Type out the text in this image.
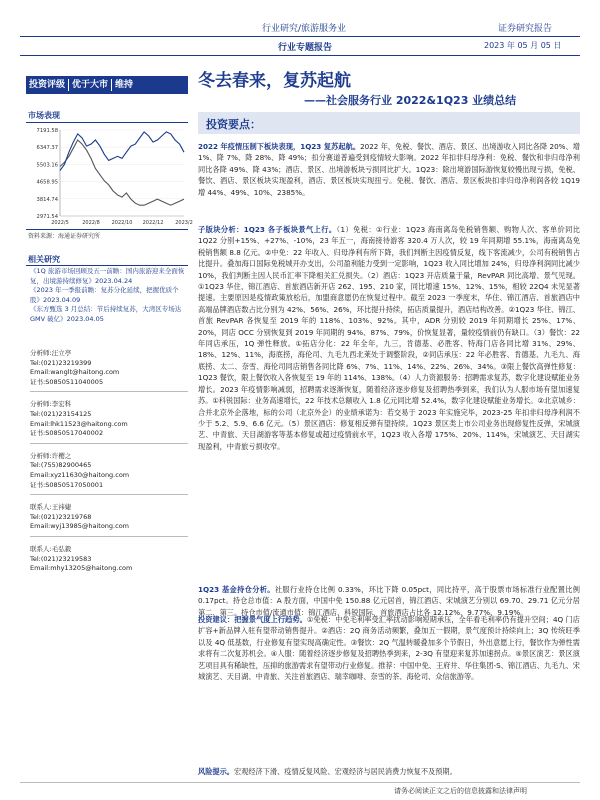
行业研究/旅游服务业
行业专题报告
证券研究报告
2023 年 05 月 05 日
投资评级 优于大市 维持	冬去春来，复苏起航
——社会服务行业 2022&1Q23 业绩总结
市场表现
7191.58
6347.37
5503.16
4658.95
3814.74
2971.54
2022/5	2022/8 2022/10 2022/12 2023/2
资料来源：海通证券研究所
相关研究

《1Q 旅游市场回顾及五一前瞻：国内旅游迎来全面恢复，出境游持续修复》2023.04.24

《2023 年一季报前瞻：复苏分化延续，把握优质个股》2023.04.09

《东方甄选 3 月总结：节后持续复苏，大湾区专场达 GMV 破亿》2023.04.05

分析师:汪立亭
Tel:(021)23219399
Email:wanglt@haitong.com
证书:S0850511040005
分析师:李宏科
Tel:(021)23154125
Email:lhk11523@haitong.com
证书:S0850517040002
分析师:许樱之
Tel:(755)82900465
Email:xyz11630@haitong.com
证书:S0850517050001
联系人:王祎婕
Tel:(021)23219768
Email:wyj13985@haitong.com
联系人:毛弘毅
Tel:(021)23219583
Email:mhy13205@haitong.com
投资要点：

2022 年疫情压制下板块表现，1Q23 复苏起航。2022 年，免税、餐饮、酒店、景区、出境游收入同比各降 20%、增 1%、降 7%、降 28%、降 49%；扣分赛道普遍受到疫情较大影响。2022 年扣非归母净利：免税、餐饮和非归母净利同比各降 49%、降 43%；酒店、景区、出境游板块亏损同比扩大。1Q23：除出境游国际游恢复较慢出现亏损，免税、餐饮、酒店、景区板块实现盈利，酒店、景区板块实现扭亏。免税、餐饮、酒店、景区板块扣非归母净利润各较 1Q19 增 44%、49%、10%、2385%。

子版块分析：1Q23 各子板块景气上行。（1）免税：①行业：1Q23 海南离岛免税销售额、购物人次、客单价同比 1Q22 分别+15%、+27%、-10%，23 年五一，海南接待游客 320.4 万人次，较 19 年同期增 55.1%，海南离岛免税销售额 8.8 亿元。②中免：22 年收入、归母净利有所下降，我们判断主因疫情反复，线下客流减少，公司有税销售占比提升。叠加海口国际免税城开办支出，公司盈利能力受到一定影响，1Q23 收入同比增加 24%，归母净利润同比减少 10%，我们判断主因人民币汇率下降相关汇兑损失。（2）酒店：1Q23 开店质量于量，RevPAR 同比高增、景气见现。①1Q23 华住、锦江酒店、首旅酒店新开店 262、195、210 家，同比增速 15%、12%、15%，相较 22Q4 未见显著提速。主要原因是疫情政策放松后，加盟商意愿仍在恢复过程中。截至 2023 一季度末，华住、锦江酒店、首旅酒店中高端品牌酒店数占比分别为 42%、56%、26%，环比提升持续，拓店质量提升，酒店结构改善。②1Q23 华住、锦江、首旅 RevPAR 各恢复至 2019 年的 118%、103%、92%。其中，ADR 分别较 2019 年同期增长 25%、17%、20%，同店 OCC 分别恢复到 2019 年同期的 94%、87%、79%，价恢复显著，量较疫情前仍有缺口。（3）餐饮：22 年同店承压，1Q 弹性释放。①拓店分化：22 年全年，九三，肯德基、必胜客、特海门店各同比增 31%、29%、18%、12%、11%，海底捞，海伦司、九毛九西北莱处于调整阶段，②同店承压：22 年必胜客、肯德基、九毛九、海底捞、太二、奈雪、海伦司同店销售各同比降 6%、7%、11%、14%、22%、26%、34%。③限上餐饮高弹性修复：1Q23 餐饮，限上餐饮收入各恢复至 19 年的 114%、138%。（4）人力资源服务：招聘需求复苏，数字化建设赋能业务增长。2023 年疫情影响减弱，招聘需求逐渐恢复，随着经济逐步修复及招聘热季到来，我们认为人服市场有望加速复苏。①科锐国际：业务高速增长，22 年技术总额收入 1.8 亿元同比增 52.4%，数字化建设赋能业务增长。②北京城乡：合并北京外企落地，标的公司（北京外企）的业绩承诺为：若交易于 2023 年实施完毕，2023-25 年扣非归母净利润不少于 5.2、5.9、6.6 亿元。（5）景区酒店：修复相反弹有望持续。1Q23 景区类上市公司业务出现修复性反弹，宋城演艺、中青旅、天目湖游客等基本修复或超过疫情前水平，1Q23 收入各增 175%、20%、114%，宋城演艺、天目湖实现盈利，中青旅亏损收窄。

1Q23 基金持仓分析。社服行业持仓比例 0.33%，环比下降 0.05pct，同比持平，高于股票市场标准行业配置比例 0.17pct。持仓总市值：A 股方面，中国中免 150.88 亿元居首，锦江酒店、宋城演艺分别以 69.70、29.71 亿元分居第二、第三。持仓市值/流通市值：锦江酒店、科锐国际、首旅酒店占比各 12.12%、9.77%、9.19%。

投资建议：把握景气度上行趋势。①免税：中免毛利率受汇率扰动影响短期承压，全年看毛利率仍有提升空间；4Q 门店扩容+新品牌入驻有望带动销售提升。②酒店：2Q 商务活动频繁，叠加五一假期，景气度预计持续向上；3Q 传统旺季以及 4Q 低基数，行业修复有望实现高确定性。③餐饮：2Q 气温转暖叠加多个节假日，外出意愿上行，餐饮作为弹性需求将有二次复苏机会。④人服：随着经济逐步修复及招聘热季到来，2-3Q 有望迎来复苏加速拐点。⑤景区演艺：景区演艺项目具有稀缺性，压抑的旅游需求有望带动行业修复。推荐：中国中免、王府井、华住集团-S、锦江酒店、九毛九、宋城演艺、天目湖、中青旅、关注首旅酒店、瑞幸咖啡、奈雪的茶、海伦司、众信旅游等。

风险提示。宏观经济下滑、疫情反复风险、宏观经济与居民消费力恢复不及预期。

请务必阅读正文之后的信息披露和法律声明
